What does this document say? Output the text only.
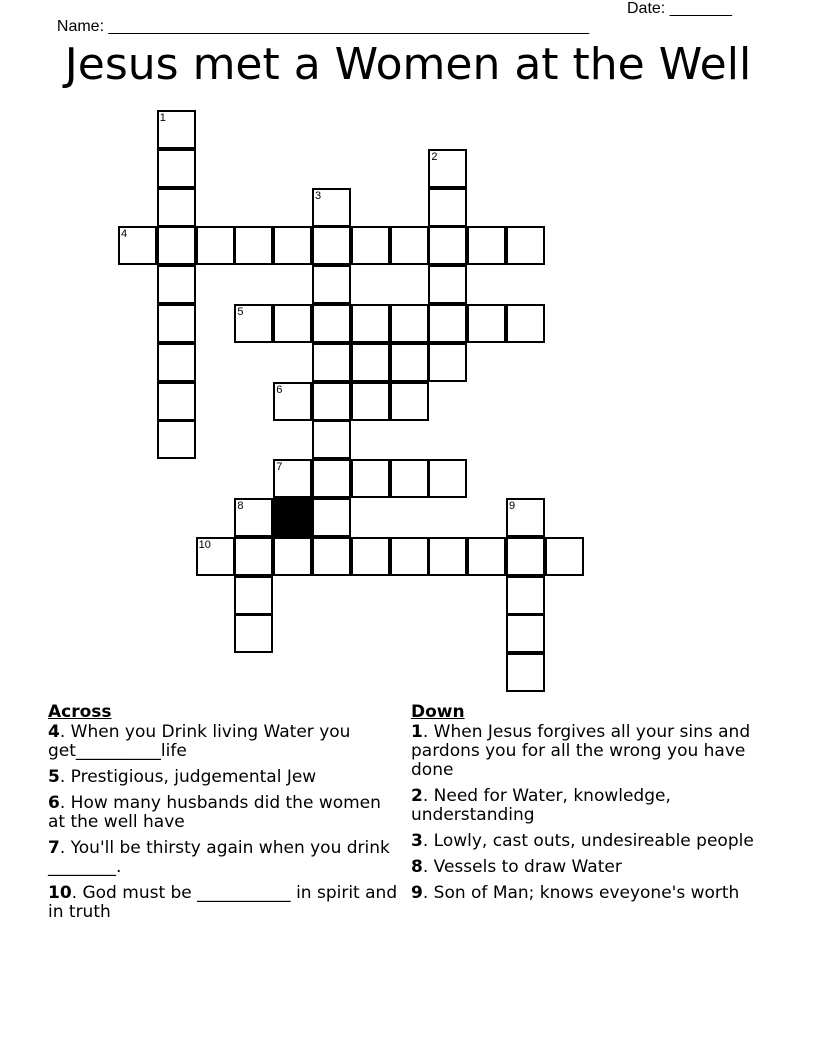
Name: ______________________________________________________

Date: _______

Jesus met a Women at the Well
1
2
3
4
5
6
7
8	9
10
Across
4. When you Drink living Water you get__________life
5. Prestigious, judgemental Jew
6. How many husbands did the women at the well have
7. You'll be thirsty again when you drink ________.
10. God must be ___________ in spirit and in truth
Down
1. When Jesus forgives all your sins and pardons you for all the wrong you have done
2. Need for Water, knowledge, understanding
3. Lowly, cast outs, undesireable people
8. Vessels to draw Water
9. Son of Man; knows eveyone's worth
